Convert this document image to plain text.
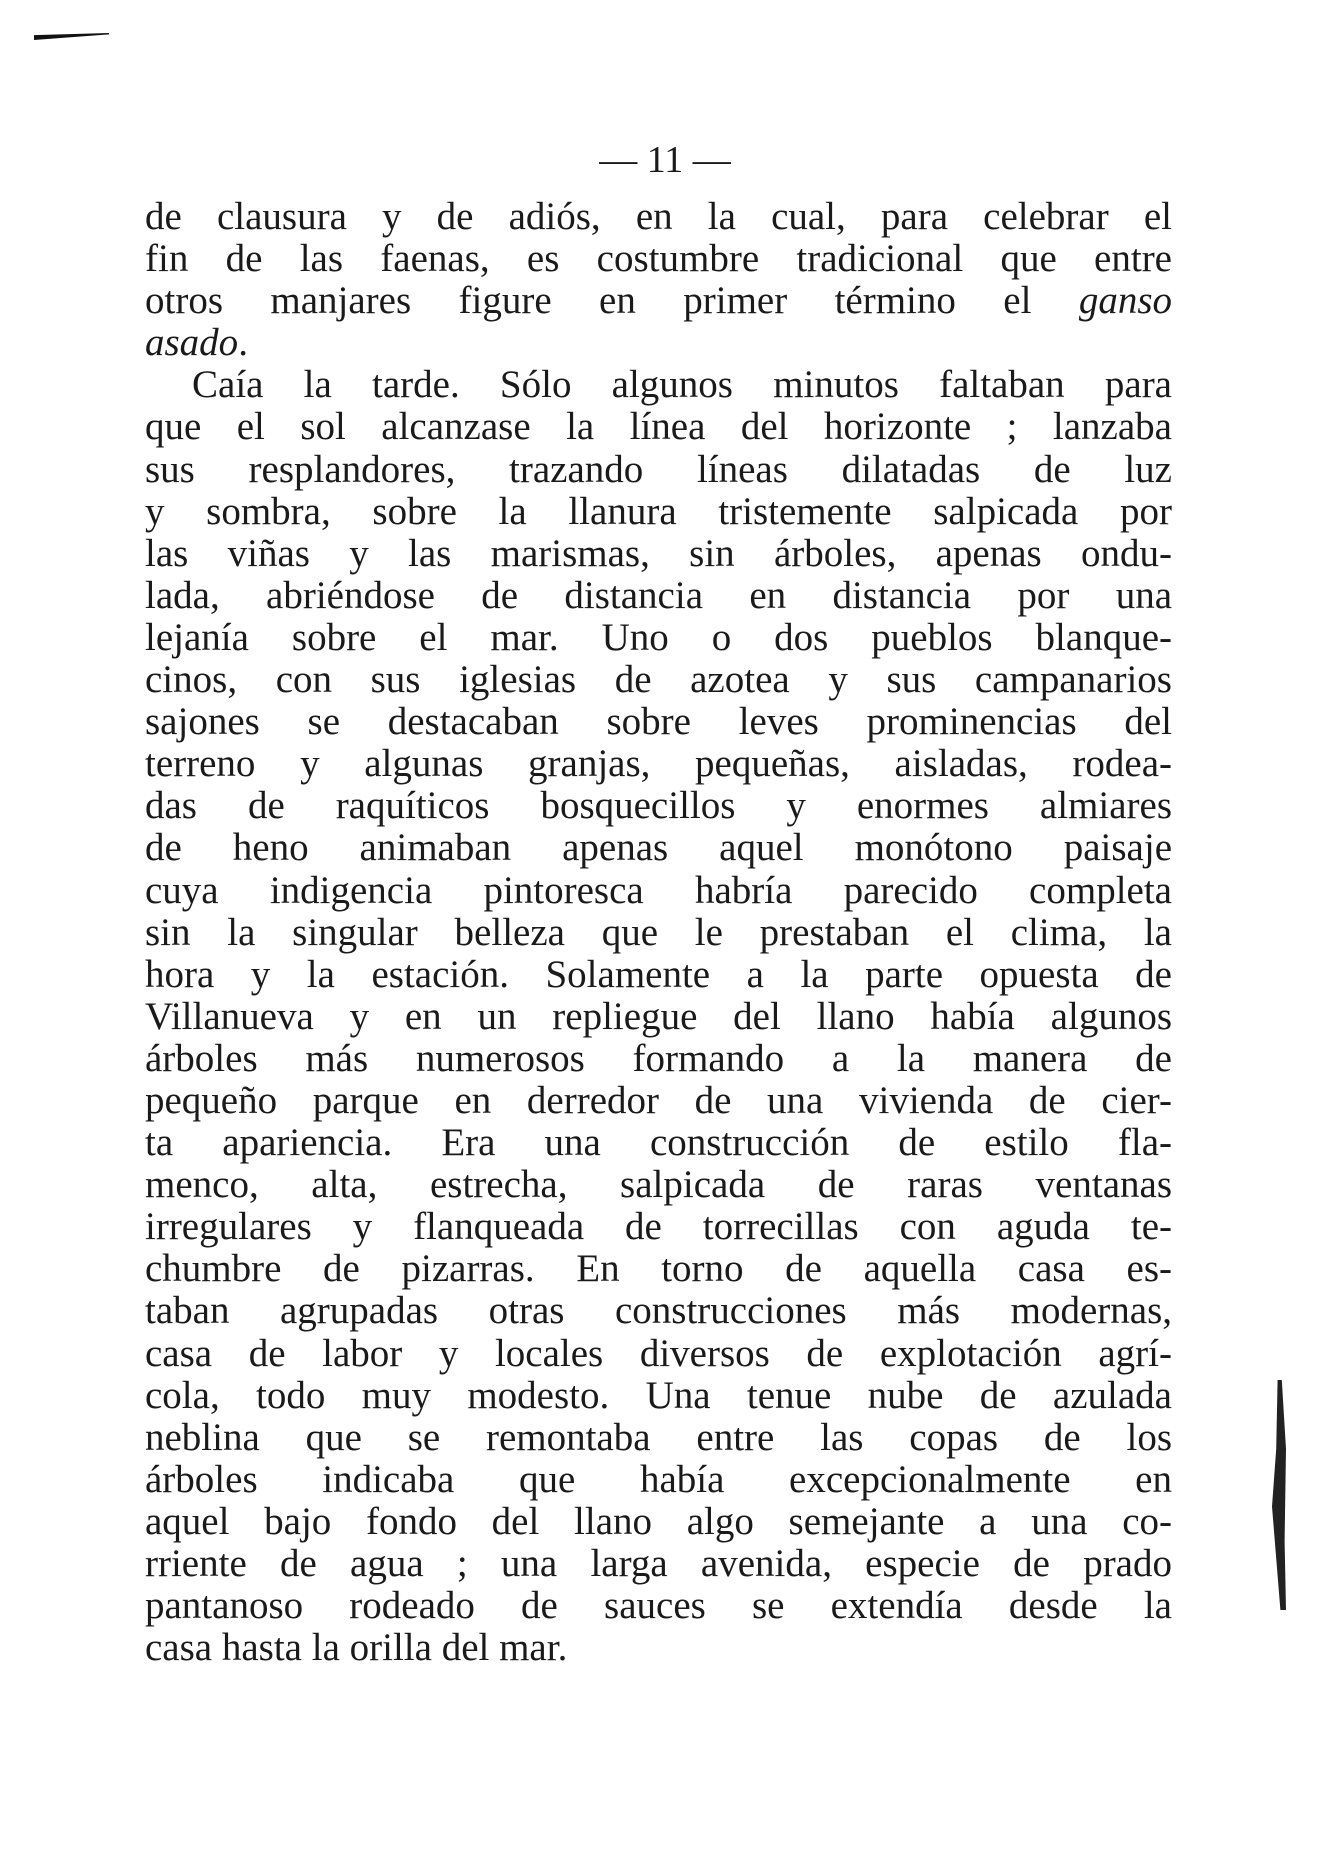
— 11 —
de clausura y de adiós, en la cual, para celebrar el
fin de las faenas, es costumbre tradicional que entre
otros manjares figure en primer término el ganso
asado.
Caía la tarde. Sólo algunos minutos faltaban para
que el sol alcanzase la línea del horizonte ; lanzaba
sus resplandores, trazando líneas dilatadas de luz
y sombra, sobre la llanura tristemente salpicada por
las viñas y las marismas, sin árboles, apenas ondu-
lada, abriéndose de distancia en distancia por una
lejanía sobre el mar. Uno o dos pueblos blanque-
cinos, con sus iglesias de azotea y sus campanarios
sajones se destacaban sobre leves prominencias del
terreno y algunas granjas, pequeñas, aisladas, rodea-
das de raquíticos bosquecillos y enormes almiares
de heno animaban apenas aquel monótono paisaje
cuya indigencia pintoresca habría parecido completa
sin la singular belleza que le prestaban el clima, la
hora y la estación. Solamente a la parte opuesta de
Villanueva y en un repliegue del llano había algunos
árboles más numerosos formando a la manera de
pequeño parque en derredor de una vivienda de cier-
ta apariencia. Era una construcción de estilo fla-
menco, alta, estrecha, salpicada de raras ventanas
irregulares y flanqueada de torrecillas con aguda te-
chumbre de pizarras. En torno de aquella casa es-
taban agrupadas otras construcciones más modernas,
casa de labor y locales diversos de explotación agrí-
cola, todo muy modesto. Una tenue nube de azulada
neblina que se remontaba entre las copas de los
árboles indicaba que había excepcionalmente en
aquel bajo fondo del llano algo semejante a una co-
rriente de agua ; una larga avenida, especie de prado
pantanoso rodeado de sauces se extendía desde la
casa hasta la orilla del mar.
